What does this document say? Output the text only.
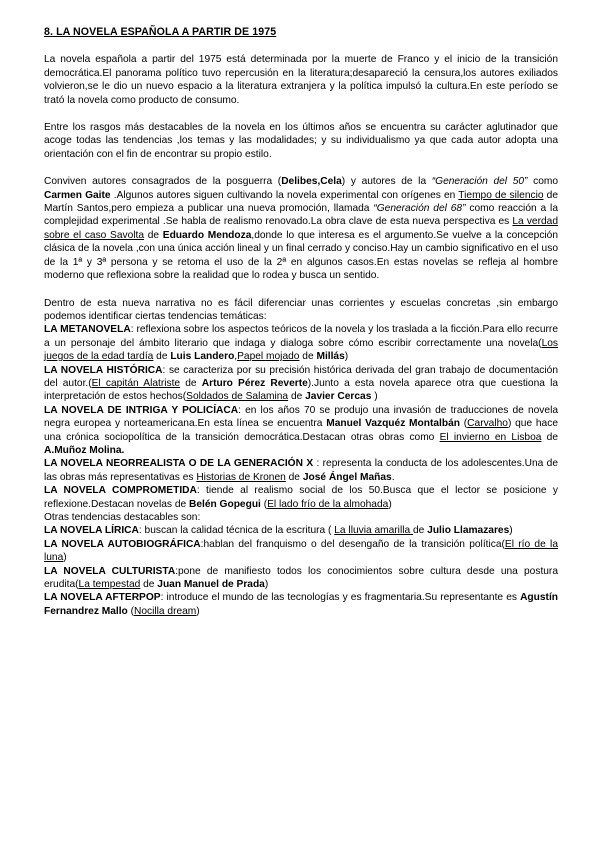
8. LA NOVELA ESPAÑOLA A PARTIR DE 1975

La novela española a partir del 1975 está determinada por la muerte de Franco y el inicio de la transición democrática.El panorama político tuvo repercusión en la literatura;desapareció la censura,los autores exiliados volvieron,se le dio un nuevo espacio a la literatura extranjera y la política impulsó la cultura.En este período se trató la novela como producto de consumo.

Entre los rasgos más destacables de la novela en los últimos años se encuentra su carácter aglutinador que acoge todas las tendencias ,los temas y las modalidades; y su individualismo ya que cada autor adopta una orientación con el fin de encontrar su propio estilo.

Conviven autores consagrados de la posguerra (Delibes,Cela) y autores de la “Generación del 50” como Carmen Gaite .Algunos autores siguen cultivando la novela experimental con orígenes en Tiempo de silencio de Martín Santos,pero empieza a publicar una nueva promoción, llamada “Generación del 68” como reacción a la complejidad experimental .Se habla de realismo renovado.La obra clave de esta nueva perspectiva es La verdad sobre el caso Savolta de Eduardo Mendoza,donde lo que interesa es el argumento.Se vuelve a la concepción clásica de la novela ,con una única acción lineal y un final cerrado y conciso.Hay un cambio significativo en el uso de la 1ª y 3ª persona y se retoma el uso de la 2ª en algunos casos.En estas novelas se refleja al hombre moderno que reflexiona sobre la realidad que lo rodea y busca un sentido.

Dentro de esta nueva narrativa no es fácil diferenciar unas corrientes y escuelas concretas ,sin embargo podemos identificar ciertas tendencias temáticas:

LA METANOVELA: reflexiona sobre los aspectos teóricos de la novela y los traslada a la ficción.Para ello recurre a un personaje del ámbito literario que indaga y dialoga sobre cómo escribir correctamente una novela(Los juegos de la edad tardía de Luis Landero,Papel mojado de Millás)

LA NOVELA HISTÓRICA: se caracteriza por su precisión histórica derivada del gran trabajo de documentación del autor.(El capitán Alatriste de Arturo Pérez Reverte).Junto a esta novela aparece otra que cuestiona la interpretación de estos hechos(Soldados de Salamina de Javier Cercas )

LA NOVELA DE INTRIGA Y POLICÍACA: en los años 70 se produjo una invasión de traducciones de novela negra europea y norteamericana.En esta línea se encuentra Manuel Vazquéz Montalbán (Carvalho) que hace una crónica sociopolítica de la transición democrática.Destacan otras obras como El invierno en Lisboa de A.Muñoz Molina.

LA NOVELA NEORREALISTA O DE LA GENERACIÓN X : representa la conducta de los adolescentes.Una de las obras más representativas es Historias de Kronen de José Ángel Mañas.

LA NOVELA COMPROMETIDA: tiende al realismo social de los 50.Busca que el lector se posicione y reflexione.Destacan novelas de Belén Gopegui (El lado frío de la almohada)

Otras tendencias destacables son:

LA NOVELA LÍRICA: buscan la calidad técnica de la escritura ( La lluvia amarilla de Julio Llamazares)

LA NOVELA AUTOBIOGRÁFICA:hablan del franquismo o del desengaño de la transición política(El río de la luna)

LA NOVELA CULTURISTA:pone de manifiesto todos los conocimientos sobre cultura desde una postura erudita(La tempestad de Juan Manuel de Prada)

LA NOVELA AFTERPOP: introduce el mundo de las tecnologías y es fragmentaria.Su representante es Agustín Fernandrez Mallo (Nocilla dream)
